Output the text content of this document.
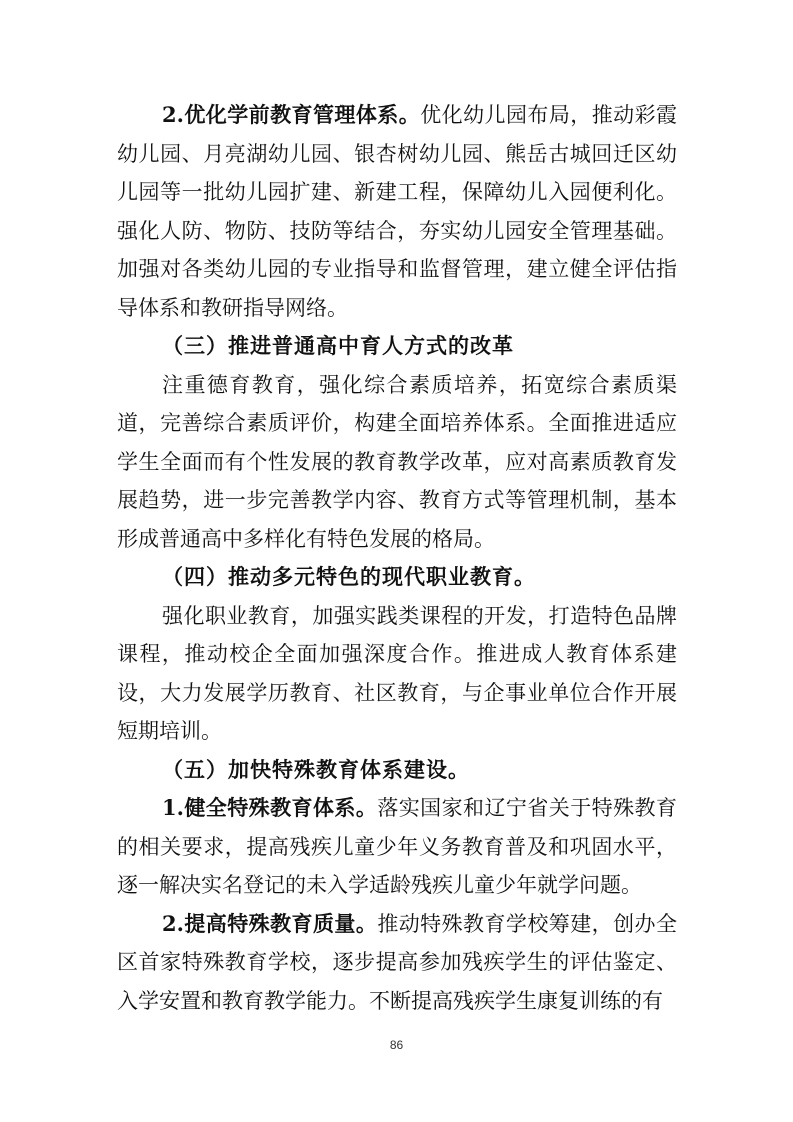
2.优化学前教育管理体系。优化幼儿园布局，推动彩霞幼儿园、月亮湖幼儿园、银杏树幼儿园、熊岳古城回迁区幼儿园等一批幼儿园扩建、新建工程，保障幼儿入园便利化。强化人防、物防、技防等结合，夯实幼儿园安全管理基础。加强对各类幼儿园的专业指导和监督管理，建立健全评估指导体系和教研指导网络。

（三）推进普通高中育人方式的改革

注重德育教育，强化综合素质培养，拓宽综合素质渠道，完善综合素质评价，构建全面培养体系。全面推进适应学生全面而有个性发展的教育教学改革，应对高素质教育发展趋势，进一步完善教学内容、教育方式等管理机制，基本形成普通高中多样化有特色发展的格局。

（四）推动多元特色的现代职业教育。

强化职业教育，加强实践类课程的开发，打造特色品牌课程，推动校企全面加强深度合作。推进成人教育体系建设，大力发展学历教育、社区教育，与企事业单位合作开展短期培训。

（五）加快特殊教育体系建设。

1.健全特殊教育体系。落实国家和辽宁省关于特殊教育的相关要求，提高残疾儿童少年义务教育普及和巩固水平，逐一解决实名登记的未入学适龄残疾儿童少年就学问题。

2.提高特殊教育质量。推动特殊教育学校筹建，创办全区首家特殊教育学校，逐步提高参加残疾学生的评估鉴定、入学安置和教育教学能力。不断提高残疾学生康复训练的有

86
